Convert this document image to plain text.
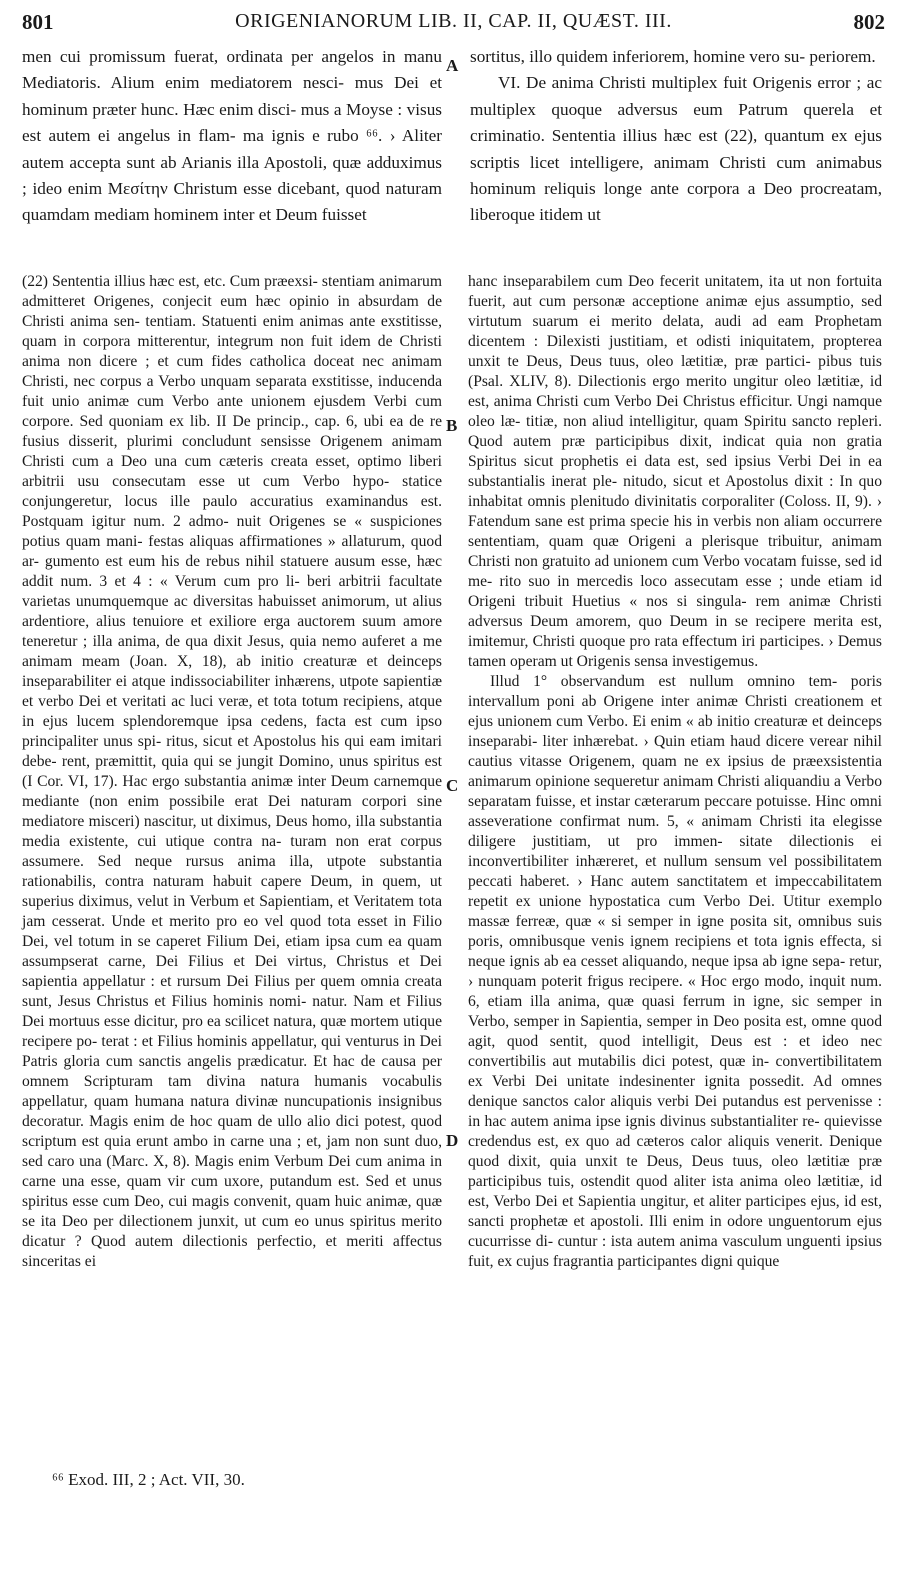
801	ORIGENIANORUM LIB. II, CAP. II, QUÆST. III.	802

men cui promissum fuerat, ordinata per angelos in manu Mediatoris. Alium enim mediatorem nesci- mus Dei et hominum præter hunc. Hæc enim disci- mus a Moyse : visus est autem ei angelus in flam- ma ignis e rubo ⁶⁶. › Aliter autem accepta sunt ab Arianis illa Apostoli, quæ adduximus ; ideo enim Μεσίτην Christum esse dicebant, quod naturam quamdam mediam hominem inter et Deum fuisset

sortitus, illo quidem inferiorem, homine vero su- periorem.

VI. De anima Christi multiplex fuit Origenis error ; ac multiplex quoque adversus eum Patrum querela et criminatio. Sententia illius hæc est (22), quantum ex ejus scriptis licet intelligere, animam Christi cum animabus hominum reliquis longe ante corpora a Deo procreatam, liberoque itidem ut

A
B
C
D

(22) Sententia illius hæc est, etc. Cum præexsi- stentiam animarum admitteret Origenes, conjecit eum hæc opinio in absurdam de Christi anima sen- tentiam. Statuenti enim animas ante exstitisse, quam in corpora mitterentur, integrum non fuit idem de Christi anima non dicere ; et cum fides catholica doceat nec animam Christi, nec corpus a Verbo unquam separata exstitisse, inducenda fuit unio animæ cum Verbo ante unionem ejusdem Verbi cum corpore. Sed quoniam ex lib. II De princip., cap. 6, ubi ea de re fusius disserit, plurimi concludunt sensisse Origenem animam Christi cum a Deo una cum cæteris creata esset, optimo liberi arbitrii usu consecutam esse ut cum Verbo hypo- statice conjungeretur, locus ille paulo accuratius examinandus est. Postquam igitur num. 2 admo- nuit Origenes se « suspiciones potius quam mani- festas aliquas affirmationes » allaturum, quod ar- gumento est eum his de rebus nihil statuere ausum esse, hæc addit num. 3 et 4 : « Verum cum pro li- beri arbitrii facultate varietas unumquemque ac diversitas habuisset animorum, ut alius ardentiore, alius tenuiore et exiliore erga auctorem suum amore teneretur ; illa anima, de qua dixit Jesus, quia nemo auferet a me animam meam (Joan. X, 18), ab initio creaturæ et deinceps inseparabiliter ei atque indissociabiliter inhærens, utpote sapientiæ et verbo Dei et veritati ac luci veræ, et tota totum recipiens, atque in ejus lucem splendoremque ipsa cedens, facta est cum ipso principaliter unus spi- ritus, sicut et Apostolus his qui eam imitari debe- rent, præmittit, quia qui se jungit Domino, unus spiritus est (I Cor. VI, 17). Hac ergo substantia animæ inter Deum carnemque mediante (non enim possibile erat Dei naturam corpori sine mediatore misceri) nascitur, ut diximus, Deus homo, illa substantia media existente, cui utique contra na- turam non erat corpus assumere. Sed neque rursus anima illa, utpote substantia rationabilis, contra naturam habuit capere Deum, in quem, ut superius diximus, velut in Verbum et Sapientiam, et Veritatem tota jam cesserat. Unde et merito pro eo vel quod tota esset in Filio Dei, vel totum in se caperet Filium Dei, etiam ipsa cum ea quam assumpserat carne, Dei Filius et Dei virtus, Christus et Dei sapientia appellatur : et rursum Dei Filius per quem omnia creata sunt, Jesus Christus et Filius hominis nomi- natur. Nam et Filius Dei mortuus esse dicitur, pro ea scilicet natura, quæ mortem utique recipere po- terat : et Filius hominis appellatur, qui venturus in Dei Patris gloria cum sanctis angelis prædicatur. Et hac de causa per omnem Scripturam tam divina natura humanis vocabulis appellatur, quam humana natura divinæ nuncupationis insignibus decoratur. Magis enim de hoc quam de ullo alio dici potest, quod scriptum est quia erunt ambo in carne una ; et, jam non sunt duo, sed caro una (Marc. X, 8). Magis enim Verbum Dei cum anima in carne una esse, quam vir cum uxore, putandum est. Sed et unus spiritus esse cum Deo, cui magis convenit, quam huic animæ, quæ se ita Deo per dilectionem junxit, ut cum eo unus spiritus merito dicatur ? Quod autem dilectionis perfectio, et meriti affectus sinceritas ei

hanc inseparabilem cum Deo fecerit unitatem, ita ut non fortuita fuerit, aut cum personæ acceptione animæ ejus assumptio, sed virtutum suarum ei merito delata, audi ad eam Prophetam dicentem : Dilexisti justitiam, et odisti iniquitatem, propterea unxit te Deus, Deus tuus, oleo lætitiæ, præ partici- pibus tuis (Psal. XLIV, 8). Dilectionis ergo merito ungitur oleo lætitiæ, id est, anima Christi cum Verbo Dei Christus efficitur. Ungi namque oleo læ- titiæ, non aliud intelligitur, quam Spiritu sancto repleri. Quod autem præ participibus dixit, indicat quia non gratia Spiritus sicut prophetis ei data est, sed ipsius Verbi Dei in ea substantialis inerat ple- nitudo, sicut et Apostolus dixit : In quo inhabitat omnis plenitudo divinitatis corporaliter (Coloss. II, 9). › Fatendum sane est prima specie his in verbis non aliam occurrere sententiam, quam quæ Origeni a plerisque tribuitur, animam Christi non gratuito ad unionem cum Verbo vocatam fuisse, sed id me- rito suo in mercedis loco assecutam esse ; unde etiam id Origeni tribuit Huetius « nos si singula- rem animæ Christi adversus Deum amorem, quo Deum in se recipere merita est, imitemur, Christi quoque pro rata effectum iri participes. › Demus tamen operam ut Origenis sensa investigemus.

Illud 1° observandum est nullum omnino tem- poris intervallum poni ab Origene inter animæ Christi creationem et ejus unionem cum Verbo. Ei enim « ab initio creaturæ et deinceps inseparabi- liter inhærebat. › Quin etiam haud dicere verear nihil cautius vitasse Origenem, quam ne ex ipsius de præexsistentia animarum opinione sequeretur animam Christi aliquandiu a Verbo separatam fuisse, et instar cæterarum peccare potuisse. Hinc omni asseveratione confirmat num. 5, « animam Christi ita elegisse diligere justitiam, ut pro immen- sitate dilectionis ei inconvertibiliter inhæreret, et nullum sensum vel possibilitatem peccati haberet. › Hanc autem sanctitatem et impeccabilitatem repetit ex unione hypostatica cum Verbo Dei. Utitur exemplo massæ ferreæ, quæ « si semper in igne posita sit, omnibus suis poris, omnibusque venis ignem recipiens et tota ignis effecta, si neque ignis ab ea cesset aliquando, neque ipsa ab igne sepa- retur, › nunquam poterit frigus recipere. « Hoc ergo modo, inquit num. 6, etiam illa anima, quæ quasi ferrum in igne, sic semper in Verbo, semper in Sapientia, semper in Deo posita est, omne quod agit, quod sentit, quod intelligit, Deus est : et ideo nec convertibilis aut mutabilis dici potest, quæ in- convertibilitatem ex Verbi Dei unitate indesinenter ignita possedit. Ad omnes denique sanctos calor aliquis verbi Dei putandus est pervenisse : in hac autem anima ipse ignis divinus substantialiter re- quievisse credendus est, ex quo ad cæteros calor aliquis venerit. Denique quod dixit, quia unxit te Deus, Deus tuus, oleo lætitiæ præ participibus tuis, ostendit quod aliter ista anima oleo lætitiæ, id est, Verbo Dei et Sapientia ungitur, et aliter participes ejus, id est, sancti prophetæ et apostoli. Illi enim in odore unguentorum ejus cucurrisse di- cuntur : ista autem anima vasculum unguenti ipsius fuit, ex cujus fragrantia participantes digni quique

⁶⁶ Exod. III, 2 ; Act. VII, 30.
